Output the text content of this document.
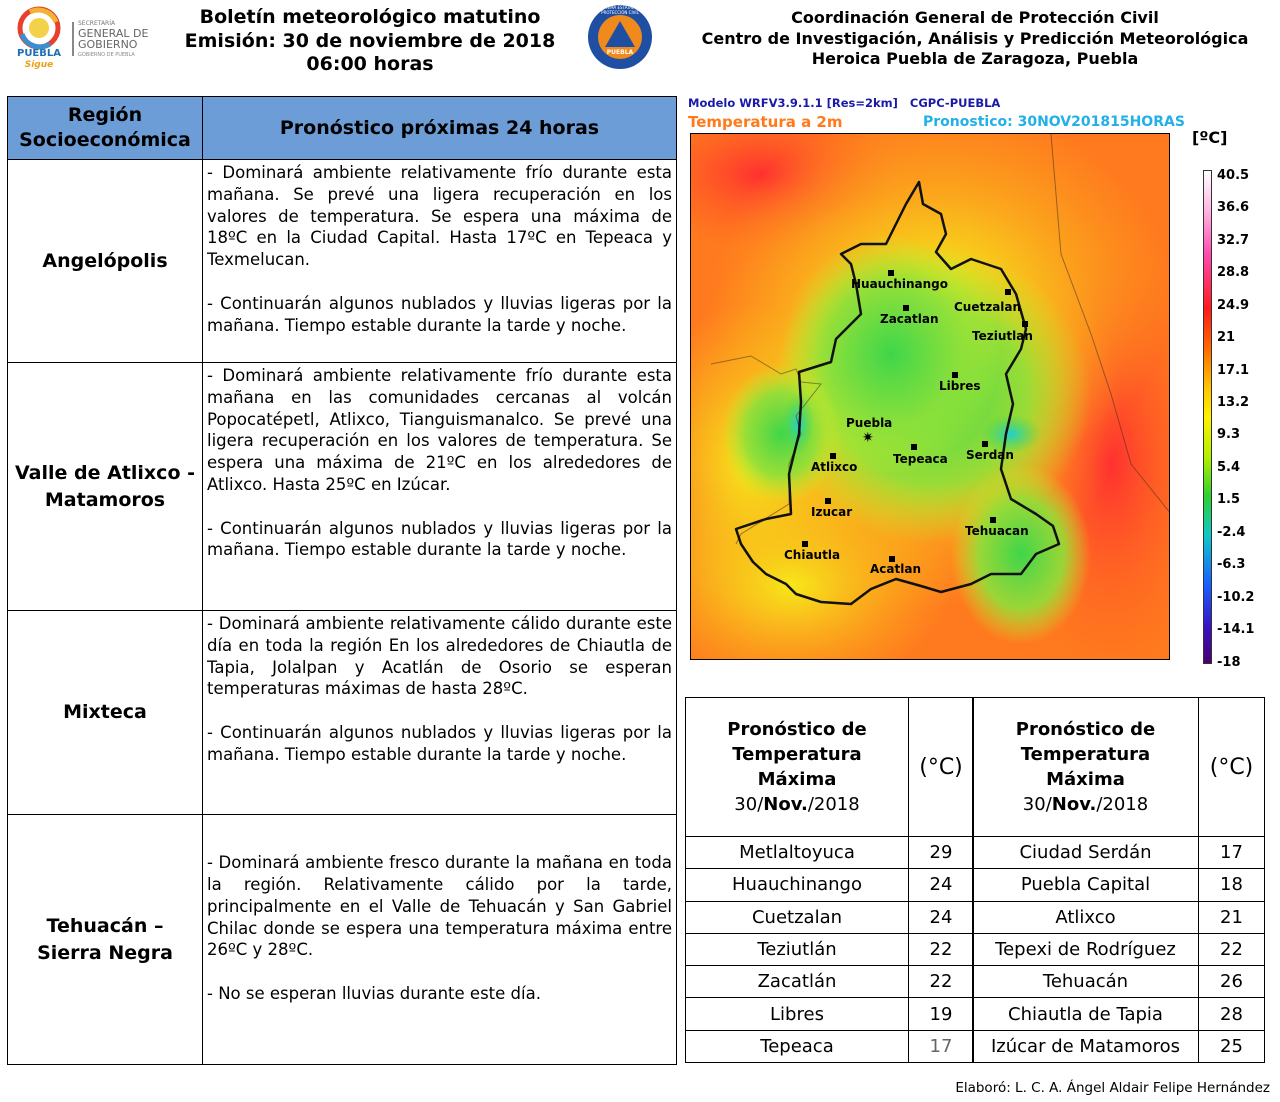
PUEBLA
Sigue
SECRETARÍA
GENERAL DE GOBIERNO
GOBIERNO DE PUEBLA
Boletín meteorológico matutino
Emisión: 30 de noviembre de 2018
06:00 horas
PUEBLA
SISTEMA ESTATAL DE PROTECCIÓN CIVIL	Coordinación General de Protección Civil
Centro de Investigación, Análisis y Predicción Meteorológica
Heroica Puebla de Zaragoza, Puebla
Región Socioeconómica	Pronóstico próximas 24 horas
Angelópolis	- Dominará ambiente relativamente frío durante esta mañana. Se prevé una ligera recuperación en los valores de temperatura. Se espera una máxima de 18ºC en la Ciudad Capital. Hasta 17ºC en Tepeaca y Texmelucan.

- Continuarán algunos nublados y lluvias ligeras por la mañana. Tiempo estable durante la tarde y noche.

Valle de Atlixco - Matamoros	- Dominará ambiente relativamente frío durante esta mañana en las comunidades cercanas al volcán Popocatépetl, Atlixco, Tianguismanalco. Se prevé una ligera recuperación en los valores de temperatura. Se espera una máxima de 21ºC en los alrededores de Atlixco. Hasta 25ºC en Izúcar.

- Continuarán algunos nublados y lluvias ligeras por la mañana. Tiempo estable durante la tarde y noche.

Mixteca	- Dominará ambiente relativamente cálido durante este día en toda la región En los alrededores de Chiautla de Tapia, Jolalpan y Acatlán de Osorio se esperan temperaturas máximas de hasta 28ºC.

- Continuarán algunos nublados y lluvias ligeras por la mañana. Tiempo estable durante la tarde y noche.

Tehuacán – Sierra Negra	- Dominará ambiente fresco durante la mañana en toda la región. Relativamente cálido por la tarde, principalmente en el Valle de Tehuacán y San Gabriel Chilac donde se espera una temperatura máxima entre 26ºC y 28ºC.

- No se esperan lluvias durante este día.

Modelo WRFV3.9.1.1 [Res=2km]   CGPC-PUEBLA
Temperatura a 2m	Pronostico: 30NOV201815HORAS
Huauchinango
Zacatlan
Cuetzalan
Teziutlan
Libres
Puebla
✷
Tepeaca Serdan
Atlixco
Izucar
Tehuacan
Chiautla
Acatlan
[ºC]
40.5
36.6
32.7
28.8
24.9
21
17.1
13.2
9.3
5.4
1.5
-2.4
-6.3
-10.2
-14.1
-18
Pronóstico de
Temperatura
Máxima
30/Nov./2018	(°C)
Metlaltoyuca	29
Huauchinango	24
Cuetzalan	24
Teziutlán	22
Zacatlán	22
Libres	19
Tepeaca	17
Pronóstico de
Temperatura
Máxima
30/Nov./2018	(°C)
Ciudad Serdán	17
Puebla Capital	18
Atlixco	21
Tepexi de Rodríguez	22
Tehuacán	26
Chiautla de Tapia	28
Izúcar de Matamoros	25
Elaboró: L. C. A. Ángel Aldair Felipe Hernández
